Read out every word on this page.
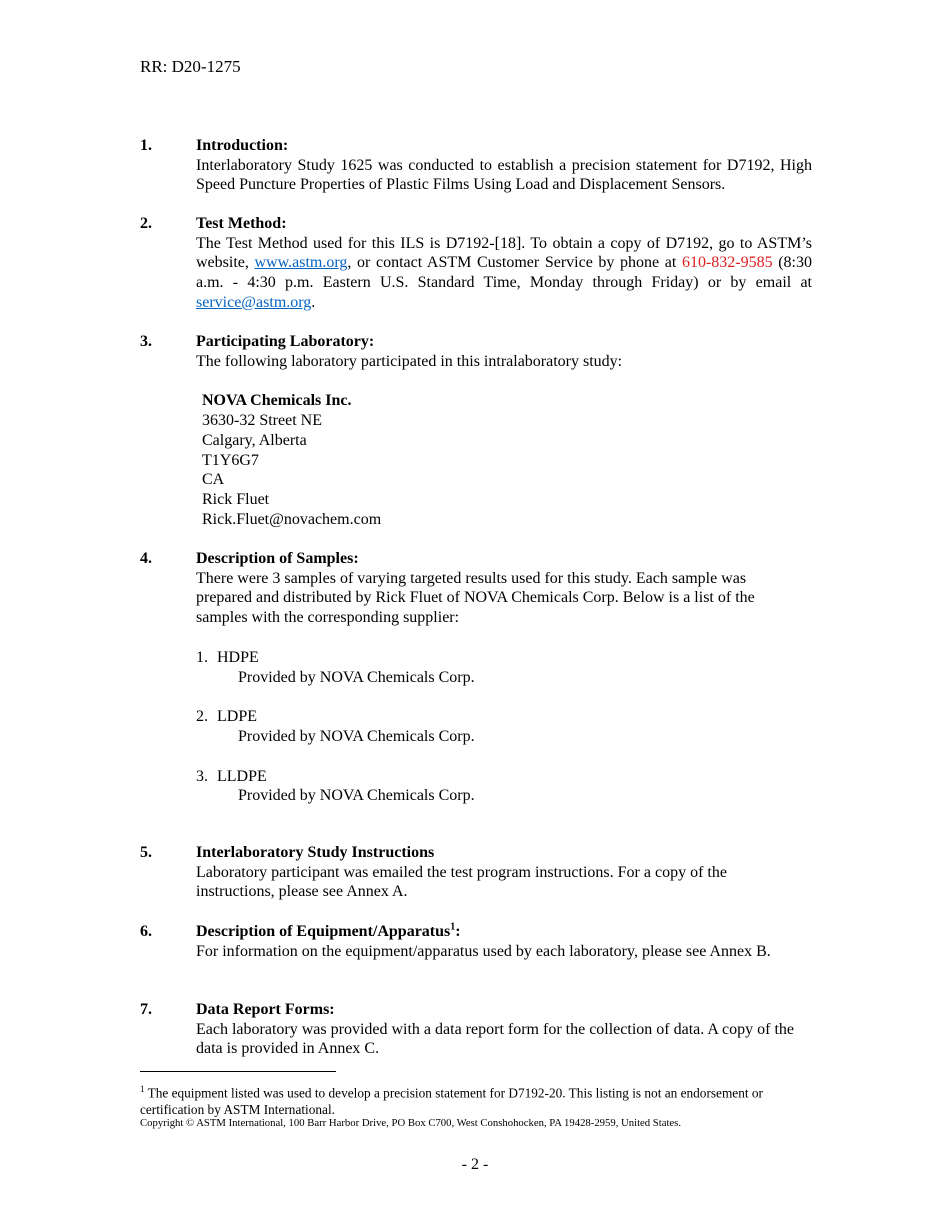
RR: D20-1275
1.	Introduction:
Interlaboratory Study 1625 was conducted to establish a precision statement for D7192, High Speed Puncture Properties of Plastic Films Using Load and Displacement Sensors.
2.	Test Method:
The Test Method used for this ILS is D7192-[18]. To obtain a copy of D7192, go to ASTM’s website, www.astm.org, or contact ASTM Customer Service by phone at 610-832-9585 (8:30 a.m. - 4:30 p.m. Eastern U.S. Standard Time, Monday through Friday) or by email at service@astm.org.
3.	Participating Laboratory:
The following laboratory participated in this intralaboratory study:
NOVA Chemicals Inc.
3630-32 Street NE
Calgary, Alberta
T1Y6G7
CA
Rick Fluet
Rick.Fluet@novachem.com
4.	Description of Samples:
There were 3 samples of varying targeted results used for this study. Each sample was prepared and distributed by Rick Fluet of NOVA Chemicals Corp. Below is a list of the samples with the corresponding supplier:
1. HDPE
Provided by NOVA Chemicals Corp.
2. LDPE
Provided by NOVA Chemicals Corp.
3. LLDPE
Provided by NOVA Chemicals Corp.
5.	Interlaboratory Study Instructions
Laboratory participant was emailed the test program instructions. For a copy of the instructions, please see Annex A.
6.	Description of Equipment/Apparatus$^1$:
For information on the equipment/apparatus used by each laboratory, please see Annex B.
7.	Data Report Forms:
Each laboratory was provided with a data report form for the collection of data. A copy of the data is provided in Annex C.
$^1$ The equipment listed was used to develop a precision statement for D7192-20. This listing is not an endorsement or certification by ASTM International.
Copyright © ASTM International, 100 Barr Harbor Drive, PO Box C700, West Conshohocken, PA 19428-2959, United States.
- 2 -
